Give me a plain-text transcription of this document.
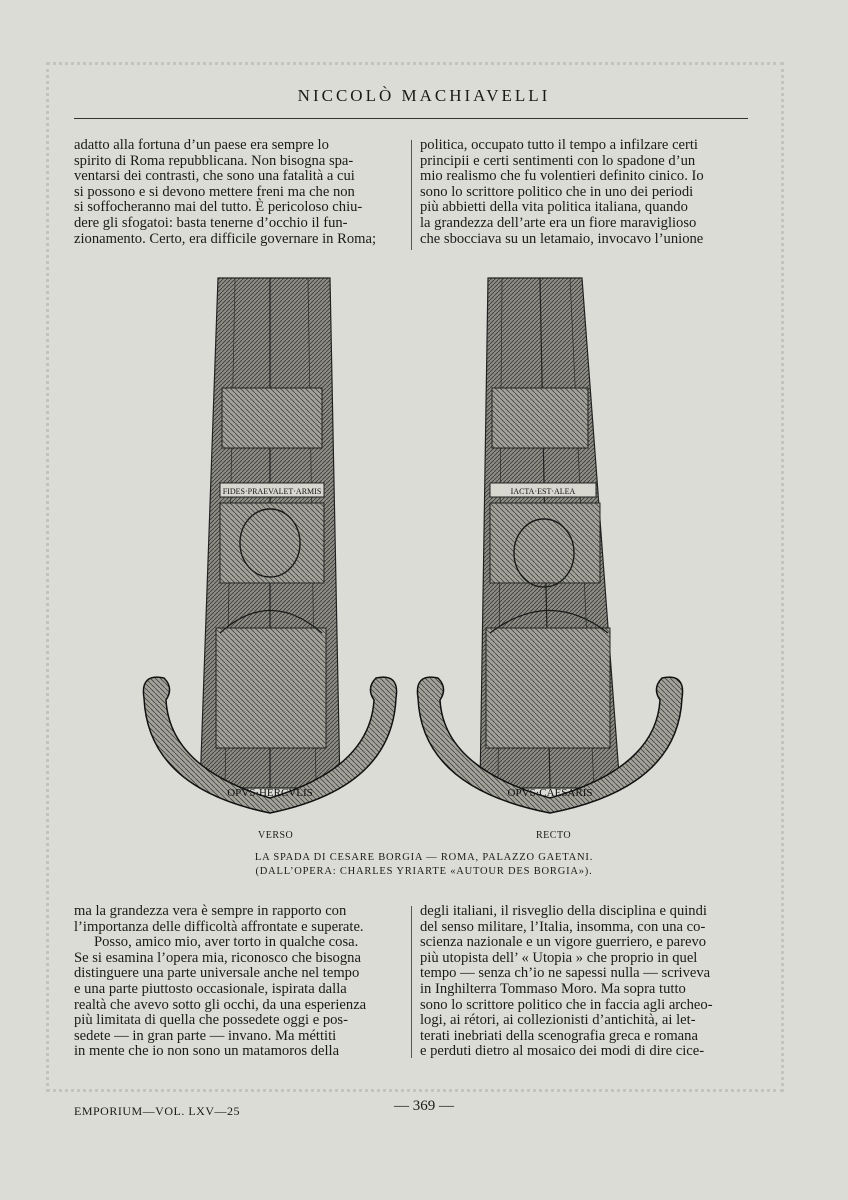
NICCOLÒ MACHIAVELLI

adatto alla fortuna d’un paese era sempre lo

spirito di Roma repubblicana. Non bisogna spa-

ventarsi dei contrasti, che sono una fatalità a cui

si possono e si devono mettere freni ma che non

si soffocheranno mai del tutto. È pericoloso chiu-

dere gli sfogatoi: basta tenerne d’occhio il fun-

zionamento. Certo, era difficile governare in Roma;

politica, occupato tutto il tempo a infilzare certi

principii e certi sentimenti con lo spadone d’un

mio realismo che fu volentieri definito cinico. Io

sono lo scrittore politico che in uno dei periodi

più abbietti della vita politica italiana, quando

la grandezza dell’arte era un fiore maraviglioso

che sbocciava su un letamaio, invocavo l’unione

FIDES·PRAEVALET·ARMIS
OPVS·HERCVLIS
IACTA·EST·ALEA
OPVS·CAESARIS
VERSO	RECTO
LA SPADA DI CESARE BORGIA — ROMA, PALAZZO GAETANI.
(DALL’OPERA: CHARLES YRIARTE «AUTOUR DES BORGIA»).

ma la grandezza vera è sempre in rapporto con

l’importanza delle difficoltà affrontate e superate.

Posso, amico mio, aver torto in qualche cosa.

Se si esamina l’opera mia, riconosco che bisogna

distinguere una parte universale anche nel tempo

e una parte piuttosto occasionale, ispirata dalla

realtà che avevo sotto gli occhi, da una esperienza

più limitata di quella che possedete oggi e pos-

sedete — in gran parte — invano. Ma méttiti

in mente che io non sono un matamoros della

degli italiani, il risveglio della disciplina e quindi

del senso militare, l’Italia, insomma, con una co-

scienza nazionale e un vigore guerriero, e parevo

più utopista dell’ « Utopia » che proprio in quel

tempo — senza ch’io ne sapessi nulla — scriveva

in Inghilterra Tommaso Moro. Ma sopra tutto

sono lo scrittore politico che in faccia agli archeo-

logi, ai rétori, ai collezionisti d’antichità, ai let-

terati inebriati della scenografia greca e romana

e perduti dietro al mosaico dei modi di dire cice-

EMPORIUM—VOL. LXV—25	— 369 —
